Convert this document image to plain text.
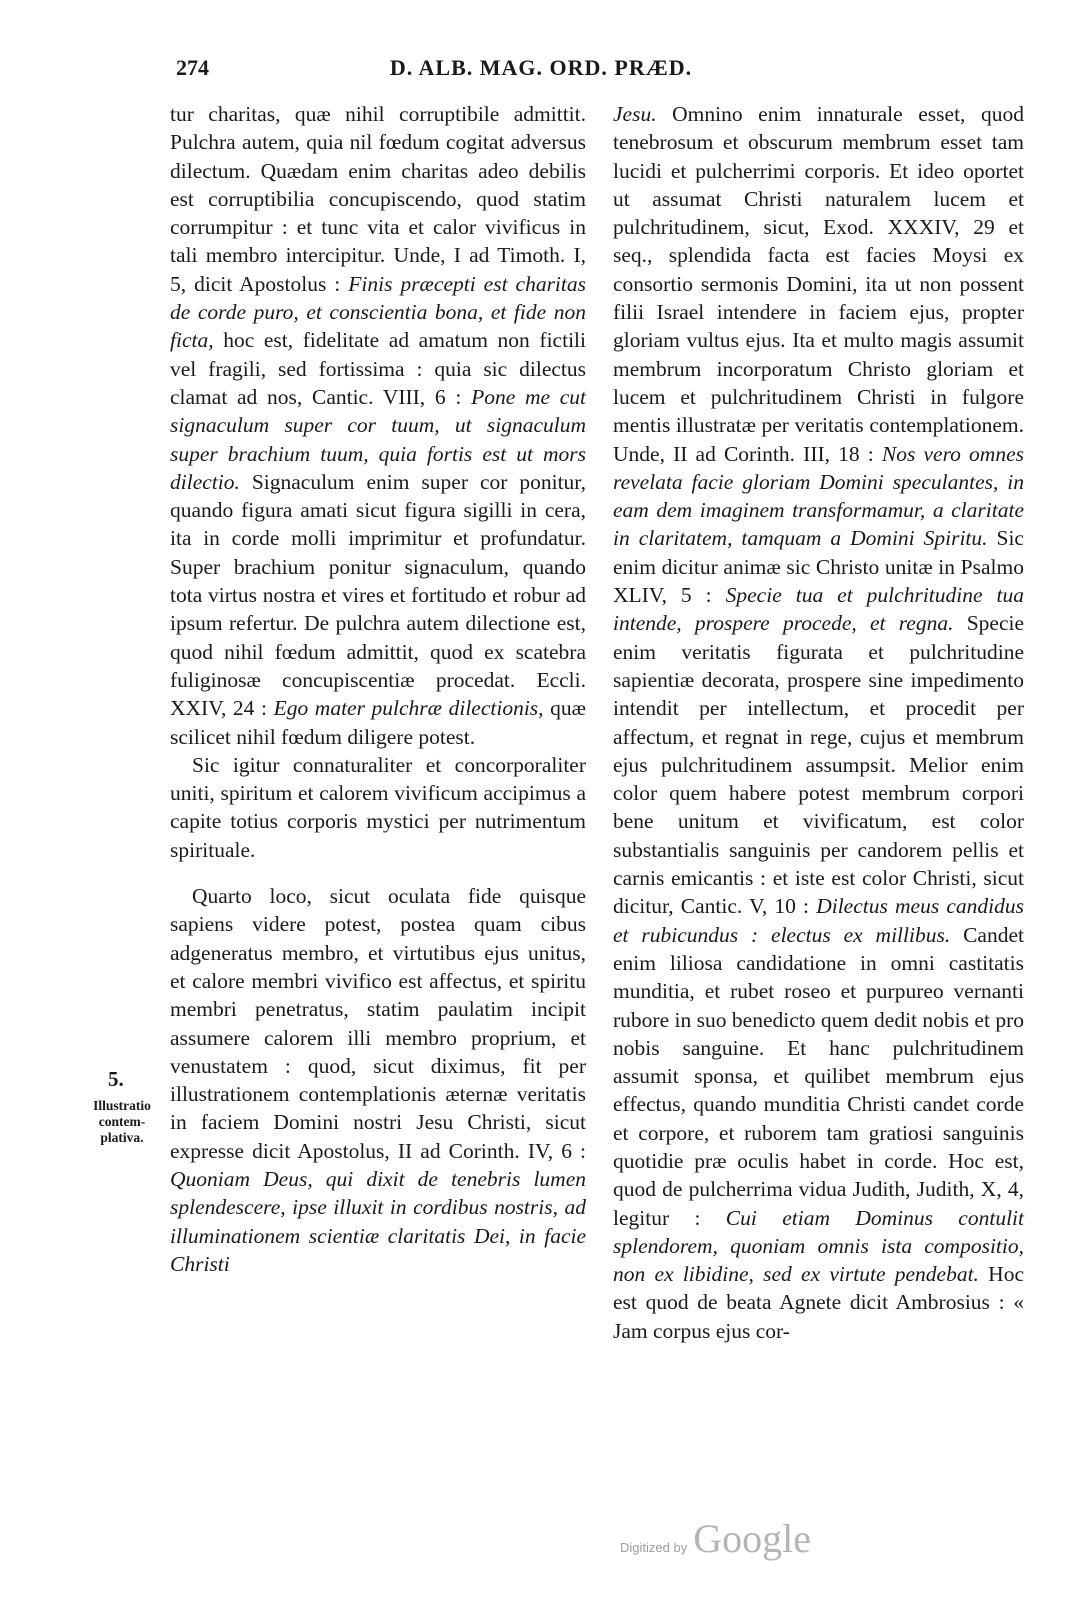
274	D. ALB. MAG. ORD. PRÆD.
5.
Illustratio contem-plativa.

tur charitas, quæ nihil corruptibile admittit. Pulchra autem, quia nil fœdum cogitat adversus dilectum. Quædam enim charitas adeo debilis est corruptibilia concupiscendo, quod statim corrumpitur : et tunc vita et calor vivificus in tali membro intercipitur. Unde, I ad Timoth. I, 5, dicit Apostolus : Finis præcepti est charitas de corde puro, et conscientia bona, et fide non ficta, hoc est, fidelitate ad amatum non fictili vel fragili, sed fortissima : quia sic dilectus clamat ad nos, Cantic. VIII, 6 : Pone me cut signaculum super cor tuum, ut signaculum super brachium tuum, quia fortis est ut mors dilectio. Signaculum enim super cor ponitur, quando figura amati sicut figura sigilli in cera, ita in corde molli imprimitur et profundatur. Super brachium ponitur signaculum, quando tota virtus nostra et vires et fortitudo et robur ad ipsum refertur. De pulchra autem dilectione est, quod nihil fœdum admittit, quod ex scatebra fuliginosæ concupiscentiæ procedat. Eccli. XXIV, 24 : Ego mater pulchræ dilectionis, quæ scilicet nihil fœdum diligere potest.

Sic igitur connaturaliter et concorporaliter uniti, spiritum et calorem vivificum accipimus a capite totius corporis mystici per nutrimentum spirituale.

Quarto loco, sicut oculata fide quisque sapiens videre potest, postea quam cibus adgeneratus membro, et virtutibus ejus unitus, et calore membri vivifico est affectus, et spiritu membri penetratus, statim paulatim incipit assumere calorem illi membro proprium, et venustatem : quod, sicut diximus, fit per illustrationem contemplationis æternæ veritatis in faciem Domini nostri Jesu Christi, sicut expresse dicit Apostolus, II ad Corinth. IV, 6 : Quoniam Deus, qui dixit de tenebris lumen splendescere, ipse illuxit in cordibus nostris, ad illuminationem scientiæ claritatis Dei, in facie Christi

Jesu. Omnino enim innaturale esset, quod tenebrosum et obscurum membrum esset tam lucidi et pulcherrimi corporis. Et ideo oportet ut assumat Christi naturalem lucem et pulchritudinem, sicut, Exod. XXXIV, 29 et seq., splendida facta est facies Moysi ex consortio sermonis Domini, ita ut non possent filii Israel intendere in faciem ejus, propter gloriam vultus ejus. Ita et multo magis assumit membrum incorporatum Christo gloriam et lucem et pulchritudinem Christi in fulgore mentis illustratæ per veritatis contemplationem. Unde, II ad Corinth. III, 18 : Nos vero omnes revelata facie gloriam Domini speculantes, in eam dem imaginem transformamur, a claritate in claritatem, tamquam a Domini Spiritu. Sic enim dicitur animæ sic Christo unitæ in Psalmo XLIV, 5 : Specie tua et pulchritudine tua intende, prospere procede, et regna. Specie enim veritatis figurata et pulchritudine sapientiæ decorata, prospere sine impedimento intendit per intellectum, et procedit per affectum, et regnat in rege, cujus et membrum ejus pulchritudinem assumpsit. Melior enim color quem habere potest membrum corpori bene unitum et vivificatum, est color substantialis sanguinis per candorem pellis et carnis emicantis : et iste est color Christi, sicut dicitur, Cantic. V, 10 : Dilectus meus candidus et rubicundus : electus ex millibus. Candet enim liliosa candidatione in omni castitatis munditia, et rubet roseo et purpureo vernanti rubore in suo benedicto quem dedit nobis et pro nobis sanguine. Et hanc pulchritudinem assumit sponsa, et quilibet membrum ejus effectus, quando munditia Christi candet corde et corpore, et ruborem tam gratiosi sanguinis quotidie præ oculis habet in corde. Hoc est, quod de pulcherrima vidua Judith, Judith, X, 4, legitur : Cui etiam Dominus contulit splendorem, quoniam omnis ista compositio, non ex libidine, sed ex virtute pendebat. Hoc est quod de beata Agnete dicit Ambrosius : « Jam corpus ejus cor-

Digitized by Google
